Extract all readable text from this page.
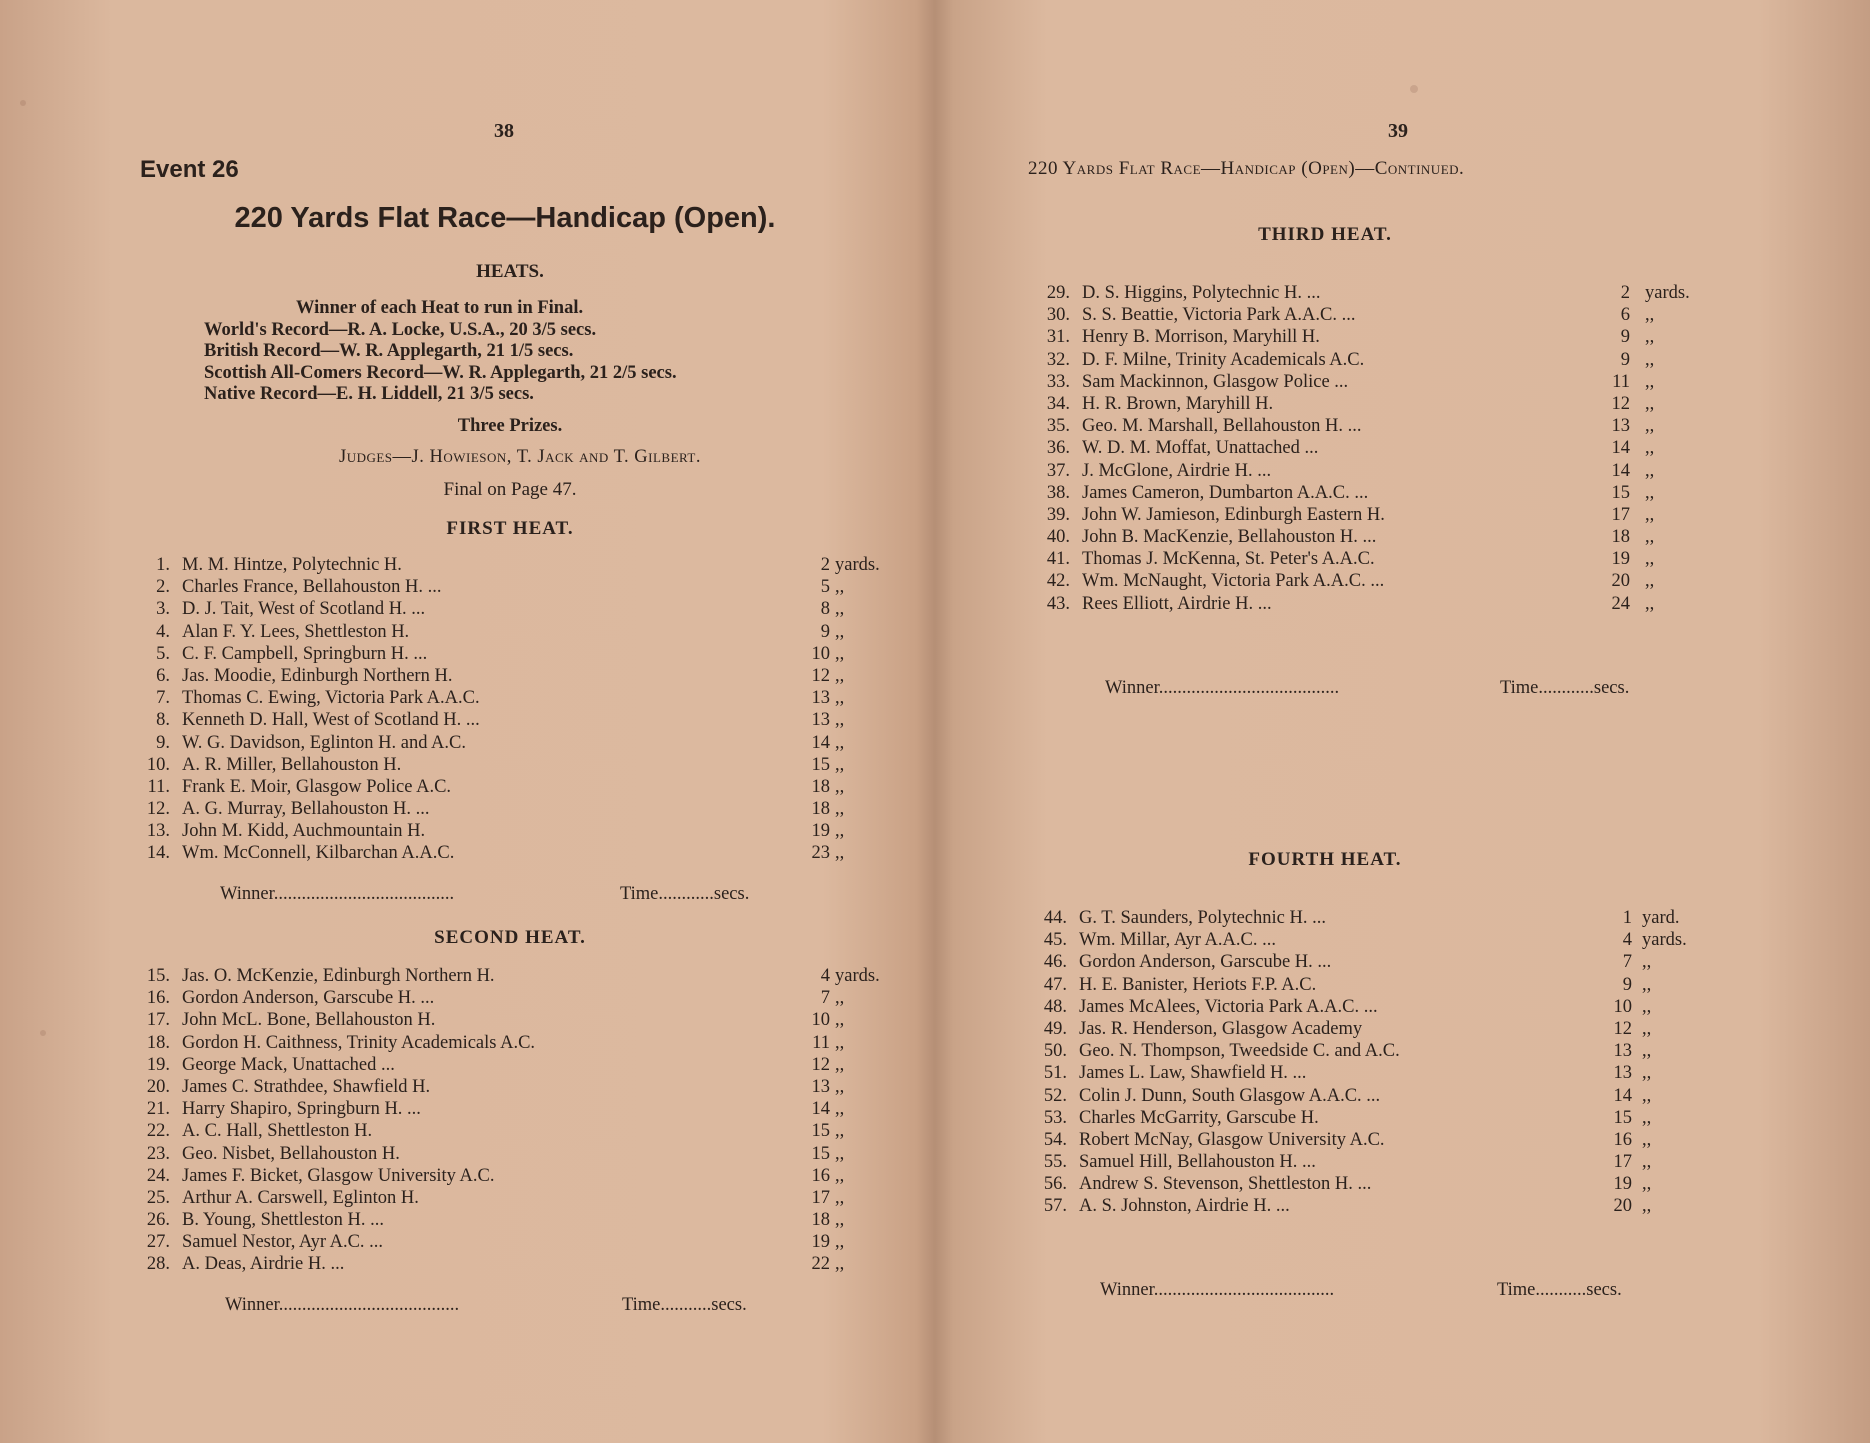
38
Event 26
220 Yards Flat Race—Handicap (Open).
HEATS.
Winner of each Heat to run in Final.
World's Record—R. A. Locke, U.S.A., 20 3/5 secs.
British Record—W. R. Applegarth, 21 1/5 secs.
Scottish All-Comers Record—W. R. Applegarth, 21 2/5 secs.
Native Record—E. H. Liddell, 21 3/5 secs.
Three Prizes.
Judges—J. Howieson, T. Jack and T. Gilbert.
Final on Page 47.
FIRST HEAT.
1. M. M. Hintze, Polytechnic H.	2 yards.
2. Charles France, Bellahouston H. ...	5 ,,
3. D. J. Tait, West of Scotland H. ...	8 ,,
4. Alan F. Y. Lees, Shettleston H.	9 ,,
5. C. F. Campbell, Springburn H. ...	10 ,,
6. Jas. Moodie, Edinburgh Northern H.	12 ,,
7. Thomas C. Ewing, Victoria Park A.A.C.	13 ,,
8. Kenneth D. Hall, West of Scotland H. ...	13 ,,
9. W. G. Davidson, Eglinton H. and A.C.	14 ,,
10. A. R. Miller, Bellahouston H.	15 ,,
11. Frank E. Moir, Glasgow Police A.C.	18 ,,
12. A. G. Murray, Bellahouston H. ...	18 ,,
13. John M. Kidd, Auchmountain H.	19 ,,
14. Wm. McConnell, Kilbarchan A.A.C.	23 ,,
Winner.......................................	Time............secs.
SECOND HEAT.
15. Jas. O. McKenzie, Edinburgh Northern H.	4 yards.
16. Gordon Anderson, Garscube H. ...	7 ,,
17. John McL. Bone, Bellahouston H.	10 ,,
18. Gordon H. Caithness, Trinity Academicals A.C.	11 ,,
19. George Mack, Unattached ...	12 ,,
20. James C. Strathdee, Shawfield H.	13 ,,
21. Harry Shapiro, Springburn H. ...	14 ,,
22. A. C. Hall, Shettleston H.	15 ,,
23. Geo. Nisbet, Bellahouston H.	15 ,,
24. James F. Bicket, Glasgow University A.C.	16 ,,
25. Arthur A. Carswell, Eglinton H.	17 ,,
26. B. Young, Shettleston H. ...	18 ,,
27. Samuel Nestor, Ayr A.C. ...	19 ,,
28. A. Deas, Airdrie H. ...	22 ,,
Winner.......................................	Time...........secs.
39
220 Yards Flat Race—Handicap (Open)—Continued.
THIRD HEAT.
29. D. S. Higgins, Polytechnic H. ...	2 yards.
30. S. S. Beattie, Victoria Park A.A.C. ...	6 ,,
31. Henry B. Morrison, Maryhill H.	9 ,,
32. D. F. Milne, Trinity Academicals A.C.	9 ,,
33. Sam Mackinnon, Glasgow Police ...	11 ,,
34. H. R. Brown, Maryhill H.	12 ,,
35. Geo. M. Marshall, Bellahouston H. ...	13 ,,
36. W. D. M. Moffat, Unattached ...	14 ,,
37. J. McGlone, Airdrie H. ...	14 ,,
38. James Cameron, Dumbarton A.A.C. ...	15 ,,
39. John W. Jamieson, Edinburgh Eastern H.	17 ,,
40. John B. MacKenzie, Bellahouston H. ...	18 ,,
41. Thomas J. McKenna, St. Peter's A.A.C.	19 ,,
42. Wm. McNaught, Victoria Park A.A.C. ...	20 ,,
43. Rees Elliott, Airdrie H. ...	24 ,,
Winner.......................................	Time............secs.
FOURTH HEAT.
44. G. T. Saunders, Polytechnic H. ...	1 yard.
45. Wm. Millar, Ayr A.A.C. ...	4 yards.
46. Gordon Anderson, Garscube H. ...	7 ,,
47. H. E. Banister, Heriots F.P. A.C.	9 ,,
48. James McAlees, Victoria Park A.A.C. ...	10 ,,
49. Jas. R. Henderson, Glasgow Academy	12 ,,
50. Geo. N. Thompson, Tweedside C. and A.C.	13 ,,
51. James L. Law, Shawfield H. ...	13 ,,
52. Colin J. Dunn, South Glasgow A.A.C. ...	14 ,,
53. Charles McGarrity, Garscube H.	15 ,,
54. Robert McNay, Glasgow University A.C.	16 ,,
55. Samuel Hill, Bellahouston H. ...	17 ,,
56. Andrew S. Stevenson, Shettleston H. ...	19 ,,
57. A. S. Johnston, Airdrie H. ...	20 ,,
Winner.......................................	Time...........secs.
